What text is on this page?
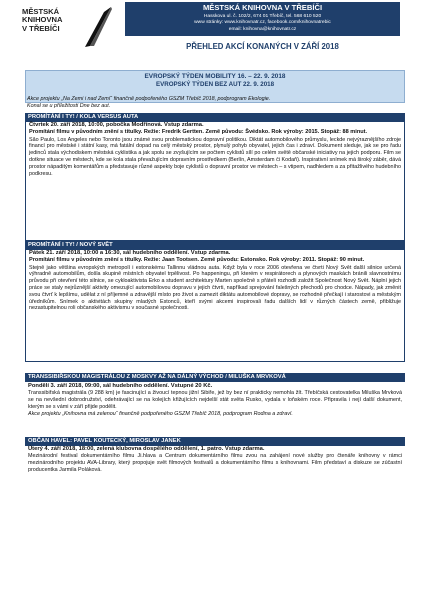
MĚSTSKÁ
KNIHOVNA
V TŘEBÍČI
MĚSTSKÁ KNIHOVNA V TŘEBÍČI
Hasskova ul. č. 102/2, 674 01 Třebíč, tel. 568 610 520
www stránky: www.knihovnatr.cz, facebook.com/knihovnatrebic
email: knihovna@knihovnatr.cz
PŘEHLED AKCÍ KONANÝCH V ZÁŘÍ 2018
EVROPSKÝ TÝDEN MOBILITY 16. – 22. 9. 2018
EVROPSKÝ TÝDEN BEZ AUT 22. 9. 2018
Akce projektu „Na Zemi i nad Zemí“ finančně podpořeného GSZM Třebíč 2018, podprogram Ekologie.
Konal se u příležitosti Dne bez aut.
PROMÍTÁNÍ I TY! / KOLA VERSUS AUTA
Čtvrtek 20. září 2018, 10:00, pobočka Modřínová. Vstup zdarma.
Promítání filmu v původním znění s titulky. Režie: Fredrik Gertten. Země původu: Švédsko. Rok výroby: 2015. Stopáž: 88 minut.
São Paulo, Los Angeles nebo Toronto jsou známé svou problematickou dopravní politikou. Diktát automobilového průmyslu, leckde nejvýraznějšího zdroje financí pro městské i státní kasy, má fatální dopad na celý městský prostor, plynulý pohyb obyvatel, jejich čas i zdraví. Dokument sleduje, jak se pro řadu jedinců stala východiskem městská cyklistika a jak spolu se zvyšujícím se počtem cyklistů sílí po celém světě občanské iniciativy na jejich podporu. Film se dotkne situace ve městech, kde se kola stala převažujícím dopravním prostředkem (Berlín, Amsterdam či Kodaň). Inspirativní snímek má široký záběr, dává prostor nápaditým komentářům a představuje různé aspekty boje cyklistů o dopravní prostor ve městech – s vtipem, nadhledem a za přitažlivého hudebního podkresu.
PROMÍTÁNÍ I TY! / NOVÝ SVĚT
Pátek 21. září 2018, 10:00 a 16:30, sál hudebního oddělení. Vstup zdarma.
Promítání filmu v původním znění s titulky. Režie: Jaan Tootsen. Země původu: Estonsko. Rok výroby: 2011. Stopáž: 90 minut.
Stejně jako většina evropských metropolí i estonskému Tallinnu vládnou auta. Když byla v roce 2006 otevřena ve čtvrti Nový Svět další silnice určená výhradně automobilům, došla skupině místních obyvatel trpělivost. Po happeningu, při kterém v respirátorech a plynových maskách bránili slavnostnímu průvodu při otevření této silnice, se cykloaktivista Erko a student architektury Marten společně s přáteli rozhodli založit Společnost Nový Svět. Náplní jejich práce se staly nejrůznější aktivity omezující automobilovou dopravu v jejich čtvrti, napříkad sprejování falešných přechodů pro chodce. Nápady, jak změnit svou čtvrť k lepšímu, udělat z ní příjemné a zdravější místo pro život a zamezit diktátu automobilové dopravy, se rozhodně přečkají i starostovi a městským úředníkům. Snímek o aktivitách skupiny mladých Estonců, kteří svými akcemi inspirovali řadu dalších lidí v různých částech země, přibližuje nezastupitelnou roli občanského aktivismu v současné společnosti.
TRANSSIBIŘSKOU MAGISTRÁLOU Z MOSKVY AŽ NA DÁLNÝ VÝCHOD / MILUŠKA MRVKOVÁ
Pondělí 3. září 2018, 09:00, sál hudebního oddělení. Vstupné 20 Kč.
Transsibiřská magistrála (9 288 km) je fascinující a živoucí tepnou jižní Sibiře, jež by bez ní prakticky nemohla žít. Třebíčská cestovatelka Miluška Mrvková se na nevšední dobrodružství, odehrávající se na kolejích křižujících nejdelší stát světa Rusko, vydala v loňském roce. Připravila i nejí další dokument, kterým se s vámi v září přijde podělit.
Akce projektu „Knihovna má zelenou“ finančně podpořeného GSZM Třebíč 2018, podprogram Rodina a zdraví.
OBČAN HAVEL: PAVEL KOUTECKÝ, MIROSLAV JANEK
Úterý 4. září 2018, 18:00, zelená klubovna dospělého oddělení, 1. patro. Vstup zdarma.
Mezinárodní festival dokumentárního filmu Ji.hlava a Centrum dokumentárního filmu zvou na zahájení nové služby pro čtenáře knihovny v rámci mezinárodního projektu AVA-Library, který propojuje svět filmových festivalů a dokumentárního filmu s knihovnami. Film představí a diskuze se zúčastní producentka Jarmila Poláková.
